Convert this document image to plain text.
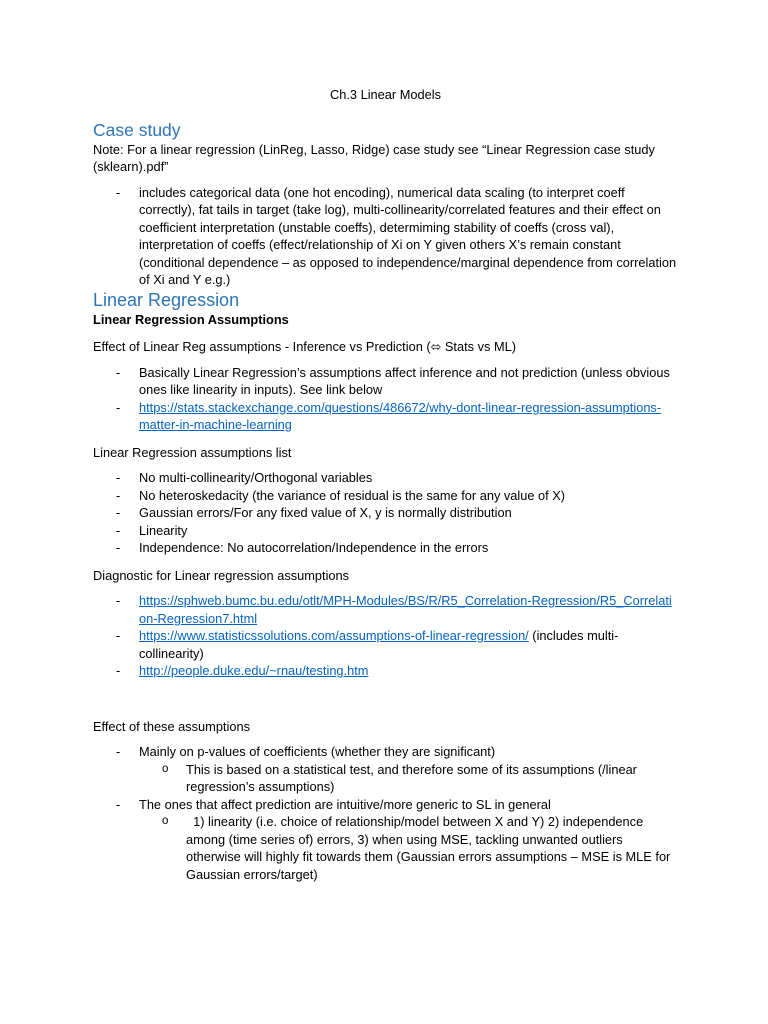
Ch.3 Linear Models

Case study

Note: For a linear regression (LinReg, Lasso, Ridge) case study see “Linear Regression case study (sklearn).pdf”

- includes categorical data (one hot encoding), numerical data scaling (to interpret coeff correctly), fat tails in target (take log), multi-collinearity/correlated features and their effect on coefficient interpretation (unstable coeffs), determiming stability of coeffs (cross val), interpretation of coeffs (effect/relationship of Xi on Y given others X’s remain constant (conditional dependence – as opposed to independence/marginal dependence from correlation of Xi and Y e.g.)
Linear Regression

Linear Regression Assumptions

Effect of Linear Reg assumptions - Inference vs Prediction (⬄ Stats vs ML)

- Basically Linear Regression’s assumptions affect inference and not prediction (unless obvious ones like linearity in inputs). See link below
- https://stats.stackexchange.com/questions/486672/why-dont-linear-regression-assumptions-matter-in-machine-learning

Linear Regression assumptions list

- No multi-collinearity/Orthogonal variables
- No heteroskedacity (the variance of residual is the same for any value of X)
- Gaussian errors/For any fixed value of X, y is normally distribution
- Linearity
- Independence: No autocorrelation/Independence in the errors

Diagnostic for Linear regression assumptions

- https://sphweb.bumc.bu.edu/otlt/MPH-Modules/BS/R/R5_Correlation-Regression/R5_Correlation-Regression7.html
- https://www.statisticssolutions.com/assumptions-of-linear-regression/ (includes multi-collinearity)
- http://people.duke.edu/~rnau/testing.htm

Effect of these assumptions

- Mainly on p-values of coefficients (whether they are significant)
o This is based on a statistical test, and therefore some of its assumptions (/linear regression’s assumptions)
- The ones that affect prediction are intuitive/more generic to SL in general
o   1) linearity (i.e. choice of relationship/model between X and Y) 2) independence among (time series of) errors, 3) when using MSE, tackling unwanted outliers otherwise will highly fit towards them (Gaussian errors assumptions – MSE is MLE for Gaussian errors/target)
